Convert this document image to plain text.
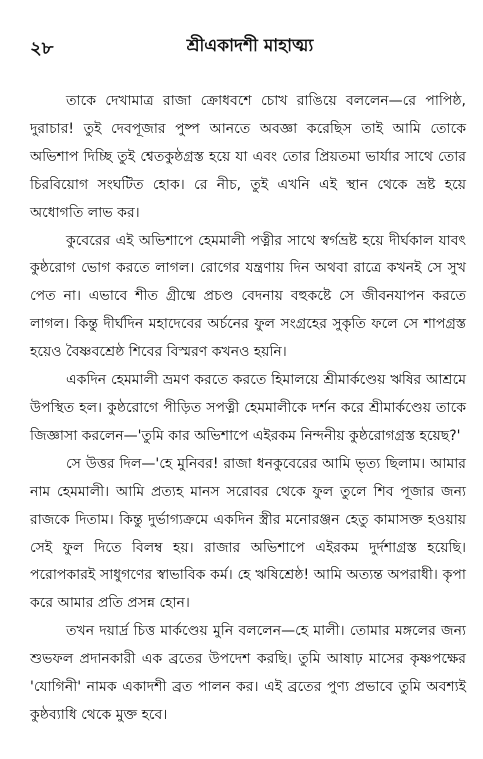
২৮	শ্রীএকাদশী মাহাত্ম্য

তাকে দেখামাত্র রাজা ক্রোধবশে চোখ রাঙিয়ে বললেন—রে পাপিষ্ঠ, দুরাচার! তুই দেবপূজার পুষ্প আনতে অবজ্ঞা করেছিস তাই আমি তোকে অভিশাপ দিচ্ছি তুই শ্বেতকুষ্ঠগ্রস্ত হয়ে যা এবং তোর প্রিয়তমা ভার্যার সাথে তোর চিরবিয়োগ সংঘটিত হোক। রে নীচ, তুই এখনি এই স্থান থেকে ভ্রষ্ট হয়ে অধোগতি লাভ কর।

কুবেরের এই অভিশাপে হেমমালী পত্নীর সাথে স্বর্গভ্রষ্ট হয়ে দীর্ঘকাল যাবৎ কুষ্ঠরোগ ভোগ করতে লাগল। রোগের যন্ত্রণায় দিন অথবা রাত্রে কখনই সে সুখ পেত না। এভাবে শীত গ্রীষ্মে প্রচণ্ড বেদনায় বহুকষ্টে সে জীবনযাপন করতে লাগল। কিন্তু দীর্ঘদিন মহাদেবের অর্চনের ফুল সংগ্রহের সুকৃতি ফলে সে শাপগ্রস্ত হয়েও বৈষ্ণবশ্রেষ্ঠ শিবের বিস্মরণ কখনও হয়নি।

একদিন হেমমালী ভ্রমণ করতে করতে হিমালয়ে শ্রীমার্কণ্ডেয় ঋষির আশ্রমে উপস্থিত হল। কুষ্ঠরোগে পীড়িত সপত্নী হেমমালীকে দর্শন করে শ্রীমার্কণ্ডেয় তাকে জিজ্ঞাসা করলেন—'তুমি কার অভিশাপে এইরকম নিন্দনীয় কুষ্ঠরোগগ্রস্ত হয়েছ?'

সে উত্তর দিল—'হে মুনিবর! রাজা ধনকুবেরের আমি ভৃত্য ছিলাম। আমার নাম হেমমালী। আমি প্রত্যহ মানস সরোবর থেকে ফুল তুলে শিব পূজার জন্য রাজকে দিতাম। কিন্তু দুর্ভাগ্যক্রমে একদিন স্ত্রীর মনোরঞ্জন হেতু কামাসক্ত হওয়ায় সেই ফুল দিতে বিলম্ব হয়। রাজার অভিশাপে এইরকম দুর্দশাগ্রস্ত হয়েছি। পরোপকারই সাধুগণের স্বাভাবিক কর্ম। হে ঋষিশ্রেষ্ঠ! আমি অত্যন্ত অপরাধী। কৃপা করে আমার প্রতি প্রসন্ন হোন।

তখন দয়ার্দ্র চিত্ত মার্কণ্ডেয় মুনি বললেন—হে মালী। তোমার মঙ্গলের জন্য শুভফল প্রদানকারী এক ব্রতের উপদেশ করছি। তুমি আষাঢ় মাসের কৃষ্ণপক্ষের 'যোগিনী' নামক একাদশী ব্রত পালন কর। এই ব্রতের পুণ্য প্রভাবে তুমি অবশ্যই কুষ্ঠব্যাধি থেকে মুক্ত হবে।
